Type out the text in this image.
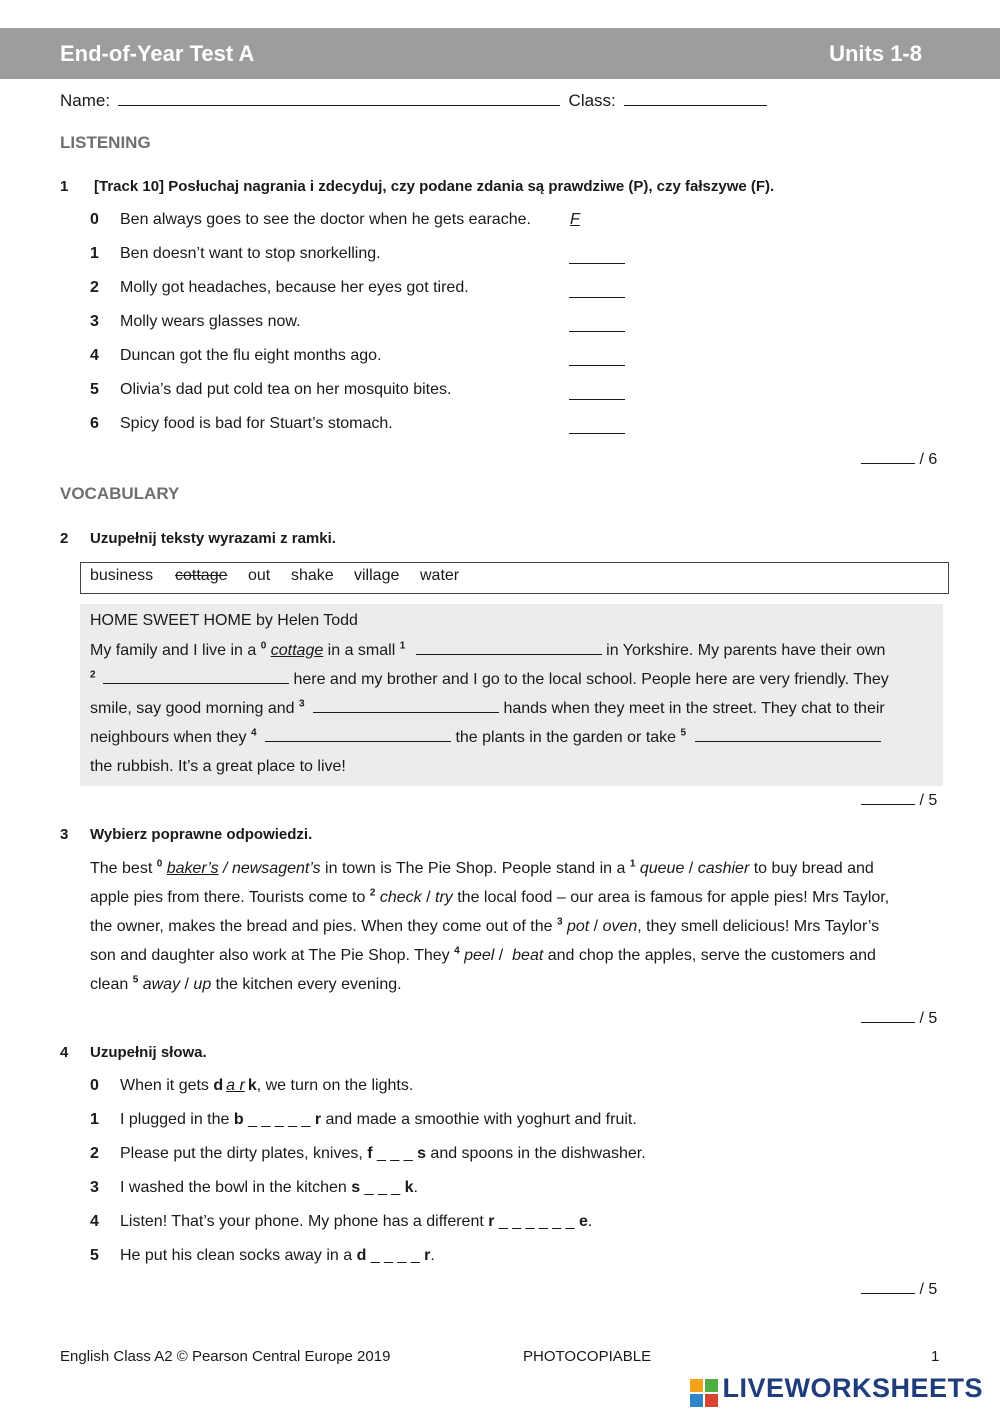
End-of-Year Test A	Units 1-8
Name:	Class:
LISTENING
1 [Track 10] Posłuchaj nagrania i zdecyduj, czy podane zdania są prawdziwe (P), czy fałszywe (F).
0 Ben always goes to see the doctor when he gets earache. F
1 Ben doesn’t want to stop snorkelling.
2 Molly got headaches, because her eyes got tired.
3 Molly wears glasses now.
4 Duncan got the flu eight months ago.
5 Olivia’s dad put cold tea on her mosquito bites.
6 Spicy food is bad for Stuart’s stomach.
/ 6
VOCABULARY
2 Uzupełnij teksty wyrazami z ramki.
business cottage out shake village water
HOME SWEET HOME by Helen Todd
My family and I live in a $^0$ cottage in a small $^1$	in Yorkshire. My parents have their own
$^2$	here and my brother and I go to the local school. People here are very friendly. They
smile, say good morning and $^3$	hands when they meet in the street. They chat to their
neighbours when they $^4$	the plants in the garden or take $^5$
the rubbish. It’s a great place to live!
/ 5
3 Wybierz poprawne odpowiedzi.
The best $^0$ baker’s / newsagent’s in town is The Pie Shop. People stand in a $^1$ queue / cashier to buy bread and
apple pies from there. Tourists come to $^2$ check / try the local food – our area is famous for apple pies! Mrs Taylor,
the owner, makes the bread and pies. When they come out of the $^3$ pot / oven, they smell delicious! Mrs Taylor’s
son and daughter also work at The Pie Shop. They $^4$ peel /  beat and chop the apples, serve the customers and
clean $^5$ away / up the kitchen every evening.
/ 5
4 Uzupełnij słowa.
0 When it gets d a r k, we turn on the lights.
1 I plugged in the b _ _ _ _ _ r and made a smoothie with yoghurt and fruit.
2 Please put the dirty plates, knives, f _ _ _ s and spoons in the dishwasher.
3 I washed the bowl in the kitchen s _ _ _ k.
4 Listen! That’s your phone. My phone has a different r _ _ _ _ _ _ e.
5 He put his clean socks away in a d _ _ _ _ r.
/ 5
English Class A2 © Pearson Central Europe 2019	PHOTOCOPIABLE	1
LIVEWORKSHEETS
